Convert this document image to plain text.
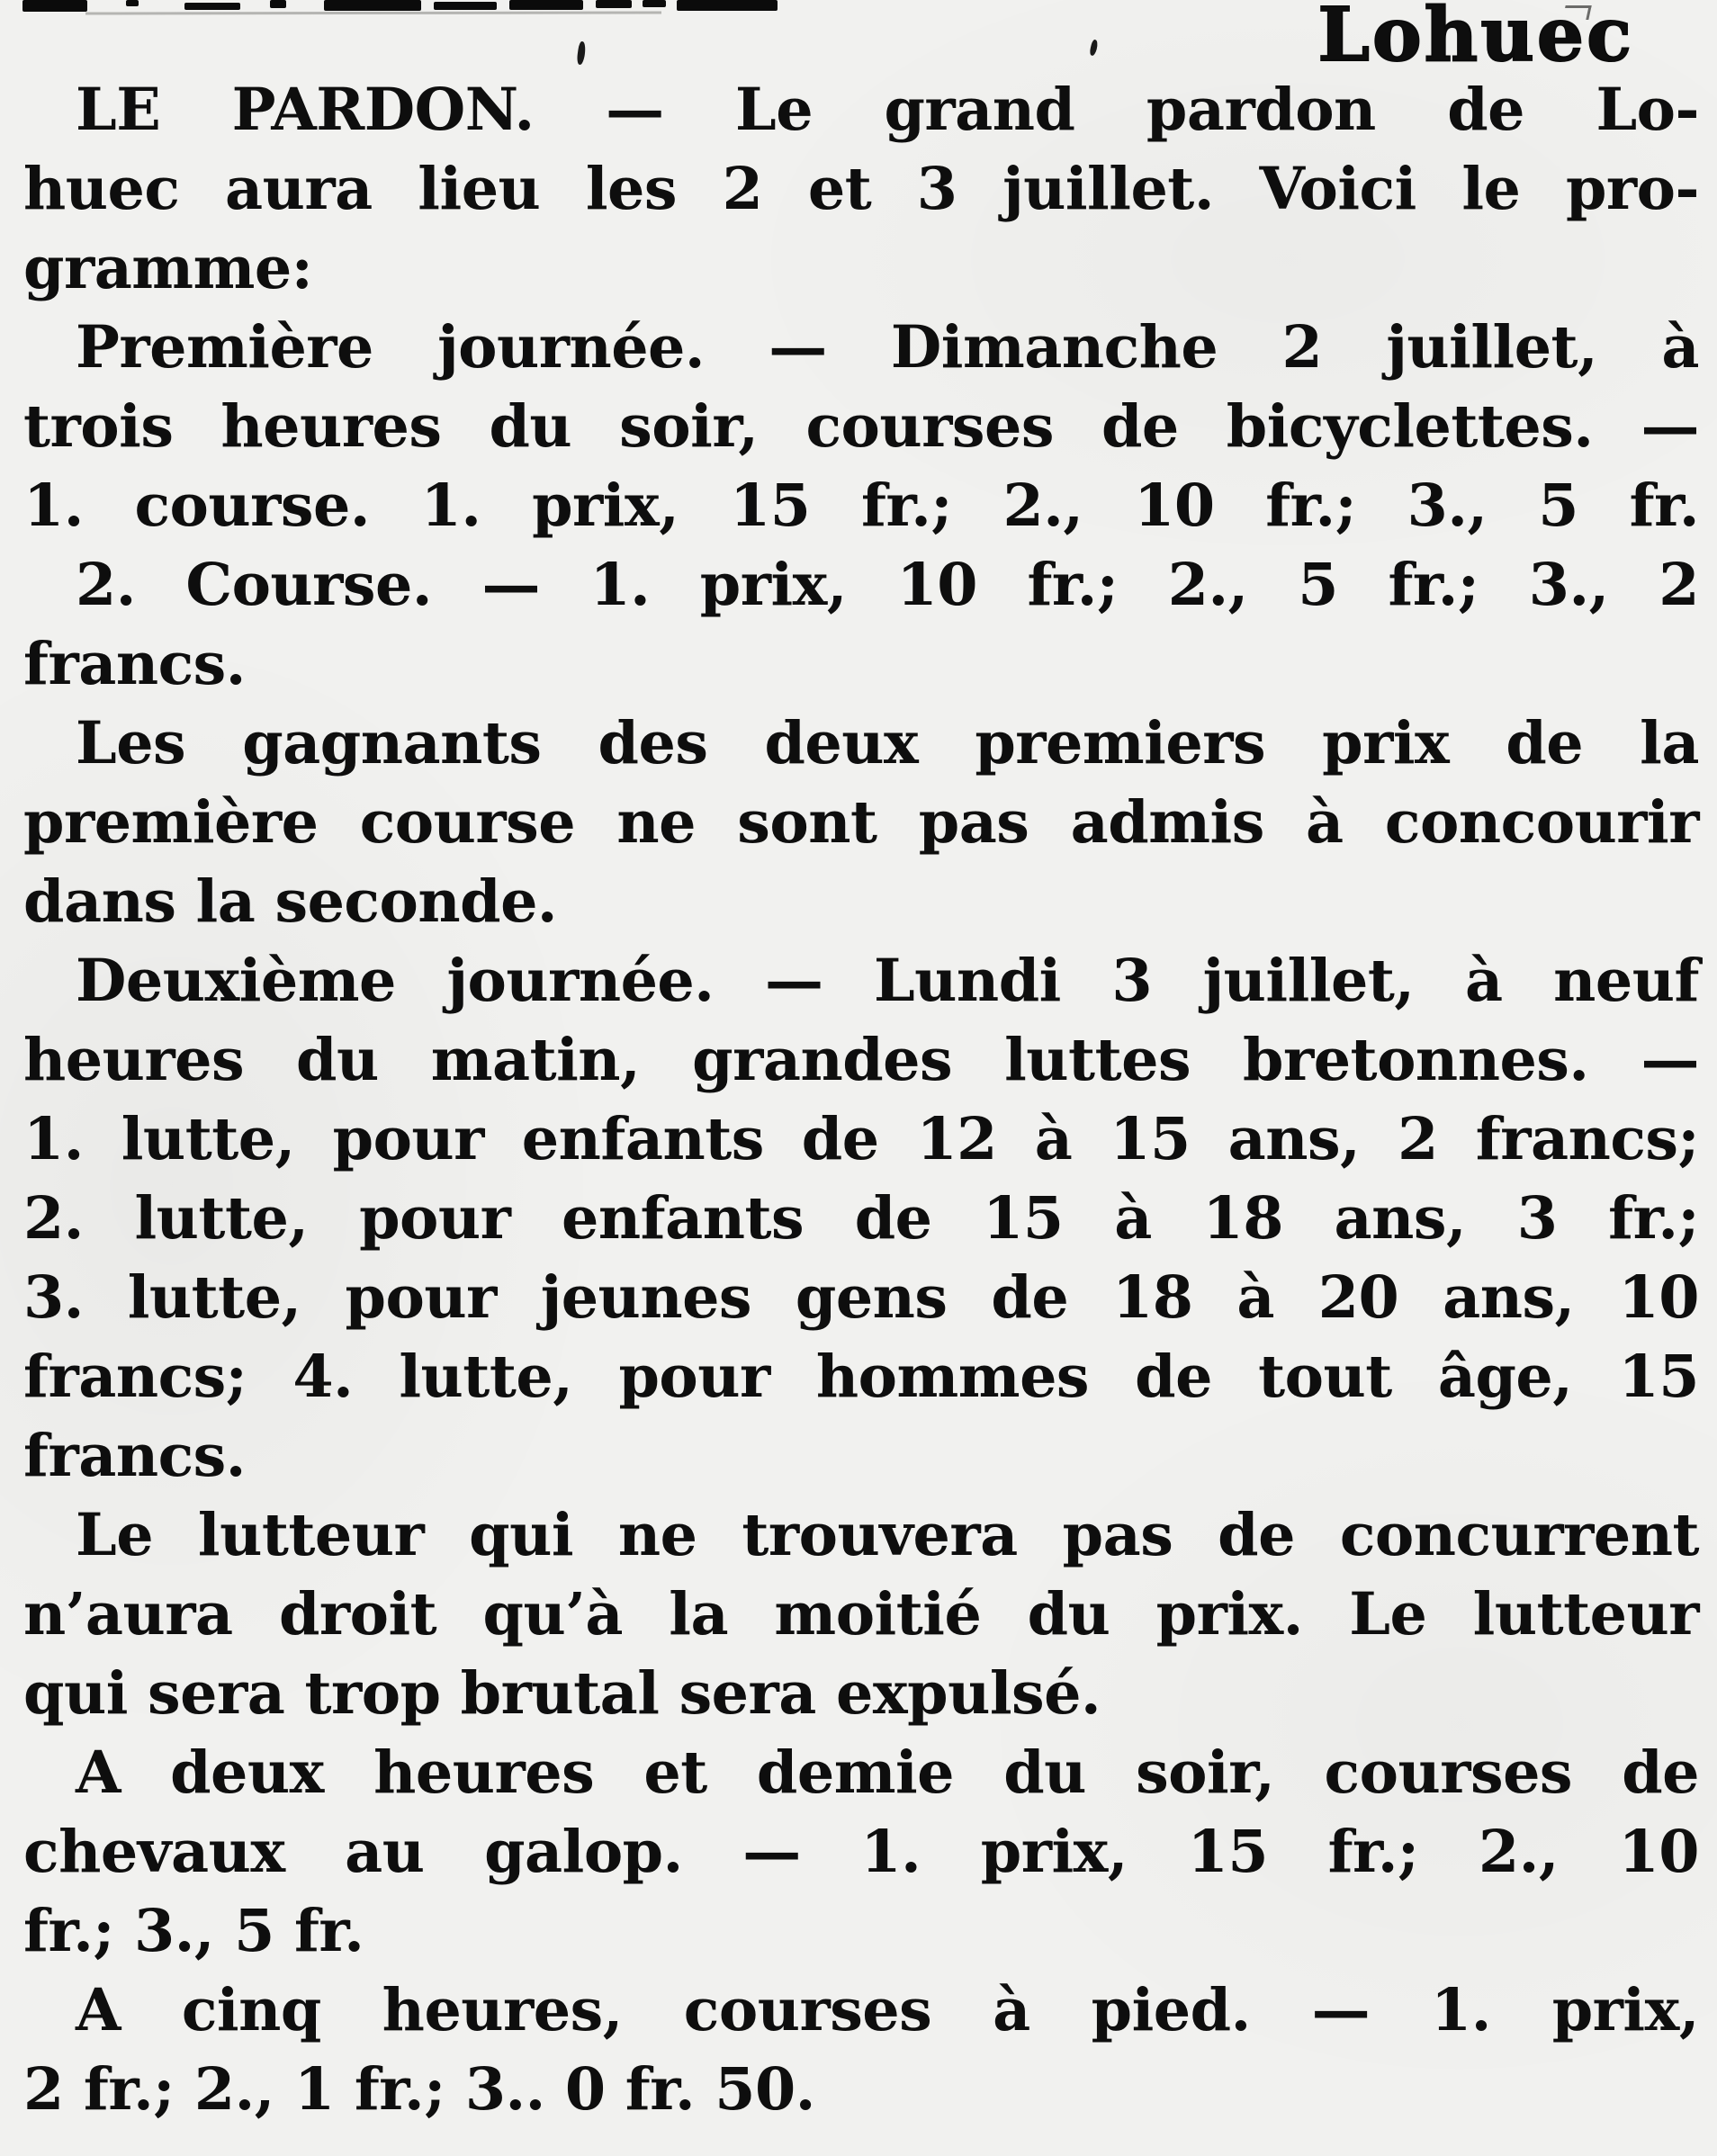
Lohuec

LE PARDON. — Le grand pardon de Lo-
huec aura lieu les 2 et 3 juillet. Voici le pro-
gramme:

Première journée. — Dimanche 2 juillet, à
trois heures du soir, courses de bicyclettes. —
1. course. 1. prix, 15 fr.; 2., 10 fr.; 3., 5 fr.

2. Course. — 1. prix, 10 fr.; 2., 5 fr.; 3., 2
francs.

Les gagnants des deux premiers prix de la
première course ne sont pas admis à concourir
dans la seconde.

Deuxième journée. — Lundi 3 juillet, à neuf
heures du matin, grandes luttes bretonnes. —
1. lutte, pour enfants de 12 à 15 ans, 2 francs;
2. lutte, pour enfants de 15 à 18 ans, 3 fr.;
3. lutte, pour jeunes gens de 18 à 20 ans, 10
francs; 4. lutte, pour hommes de tout âge, 15
francs.

Le lutteur qui ne trouvera pas de concurrent
n’aura droit qu’à la moitié du prix. Le lutteur
qui sera trop brutal sera expulsé.

A deux heures et demie du soir, courses de
chevaux au galop. — 1. prix, 15 fr.; 2., 10
fr.; 3., 5 fr.

A cinq heures, courses à pied. — 1. prix,
2 fr.; 2., 1 fr.; 3.. 0 fr. 50.
